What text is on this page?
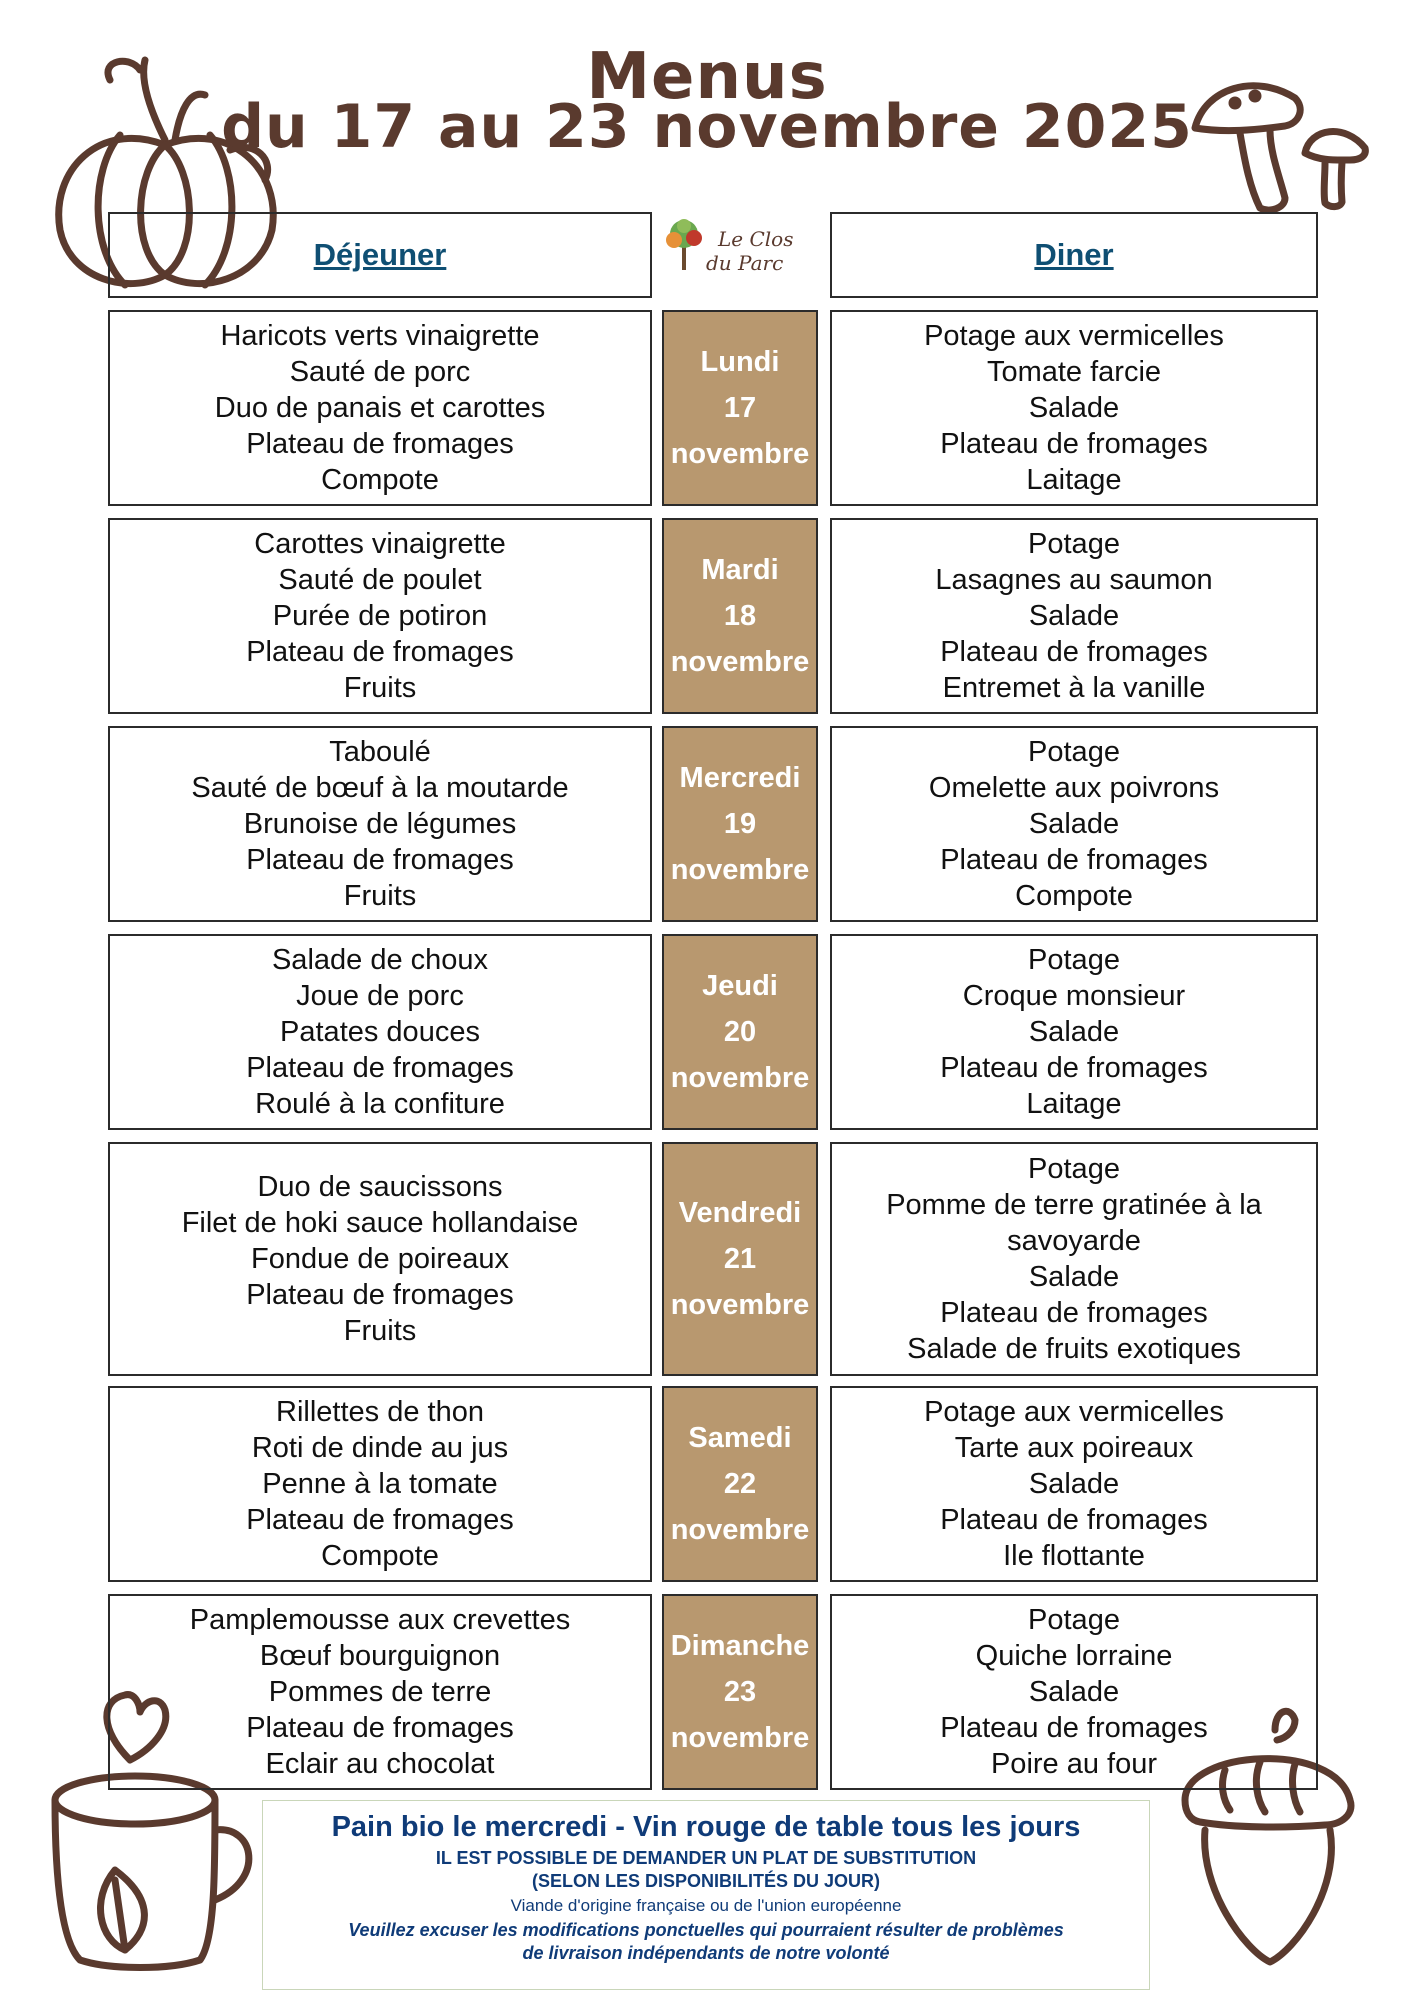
Menus
du 17 au 23 novembre 2025
Déjeuner	Diner
Le Clos
du Parc
Haricots verts vinaigrette
Sauté de porc
Duo de panais et carottes
Plateau de fromages
Compote
Lundi
17
novembre
Potage aux vermicelles
Tomate farcie
Salade
Plateau de fromages
Laitage
Carottes vinaigrette
Sauté de poulet
Purée de potiron
Plateau de fromages
Fruits
Mardi
18
novembre
Potage
Lasagnes au saumon
Salade
Plateau de fromages
Entremet à la vanille
Taboulé
Sauté de bœuf à la moutarde
Brunoise de légumes
Plateau de fromages
Fruits
Mercredi
19
novembre
Potage
Omelette aux poivrons
Salade
Plateau de fromages
Compote
Salade de choux
Joue de porc
Patates douces
Plateau de fromages
Roulé à la confiture
Jeudi
20
novembre
Potage
Croque monsieur
Salade
Plateau de fromages
Laitage
Duo de saucissons
Filet de hoki sauce hollandaise
Fondue de poireaux
Plateau de fromages
Fruits
Vendredi
21
novembre
Potage
Pomme de terre gratinée à la
savoyarde
Salade
Plateau de fromages
Salade de fruits exotiques
Rillettes de thon
Roti de dinde au jus
Penne à la tomate
Plateau de fromages
Compote
Samedi
22
novembre
Potage aux vermicelles
Tarte aux poireaux
Salade
Plateau de fromages
Ile flottante
Pamplemousse aux crevettes
Bœuf bourguignon
Pommes de terre
Plateau de fromages
Eclair au chocolat
Dimanche
23
novembre
Potage
Quiche lorraine
Salade
Plateau de fromages
Poire au four
Pain bio le mercredi - Vin rouge de table tous les jours
IL EST POSSIBLE DE DEMANDER UN PLAT DE SUBSTITUTION
(SELON LES DISPONIBILITÉS DU JOUR)
Viande d'origine française ou de l'union européenne
Veuillez excuser les modifications ponctuelles qui pourraient résulter de problèmes
de livraison indépendants de notre volonté
